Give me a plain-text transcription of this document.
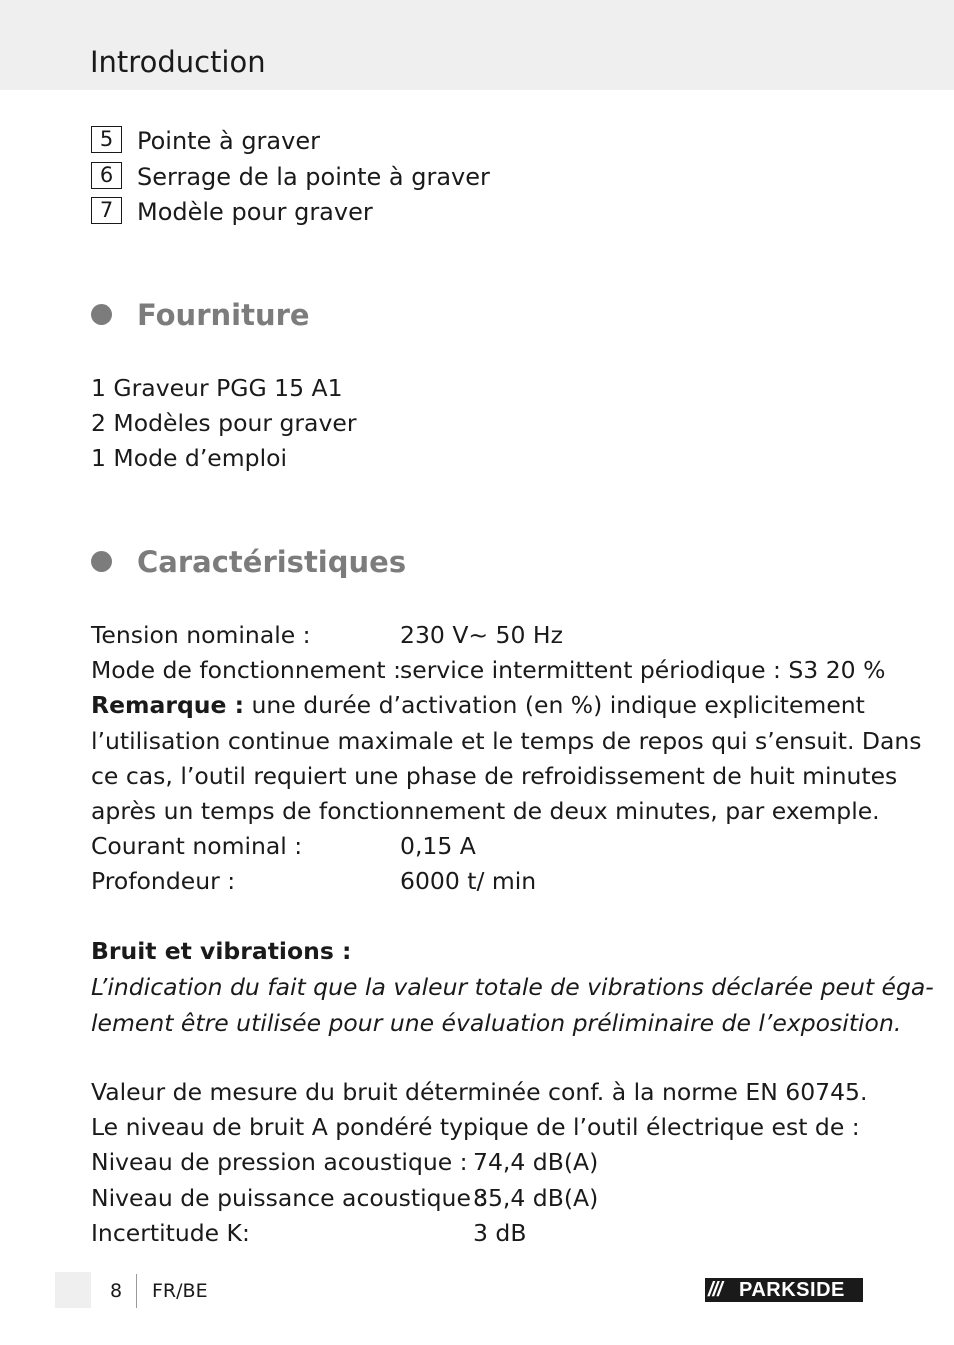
Introduction
5 Pointe à graver
6 Serrage de la pointe à graver
7 Modèle pour graver
Fourniture
1 Graveur PGG 15 A1
2 Modèles pour graver
1 Mode d’emploi
Caractéristiques
Tension nominale :	230 V~ 50 Hz
Mode de fonctionnement :
service intermittent périodique : S3 20 %
Remarque : une durée d’activation (en %) indique explicitement
l’utilisation continue maximale et le temps de repos qui s’ensuit. Dans
ce cas, l’outil requiert une phase de refroidissement de huit minutes
après un temps de fonctionnement de deux minutes, par exemple.
Courant nominal :	0,15 A
Profondeur :	6000 t/ min
Bruit et vibrations :
L’indication du fait que la valeur totale de vibrations déclarée peut éga-
lement être utilisée pour une évaluation préliminaire de l’exposition.
Valeur de mesure du bruit déterminée conf. à la norme EN 60745.
Le niveau de bruit A pondéré typique de l’outil électrique est de :
Niveau de pression acoustique : 74,4 dB(A)
Niveau de puissance acoustique :
85,4 dB(A)
Incertitude K:	3 dB
8 FR/BE	/// PARKSIDE
